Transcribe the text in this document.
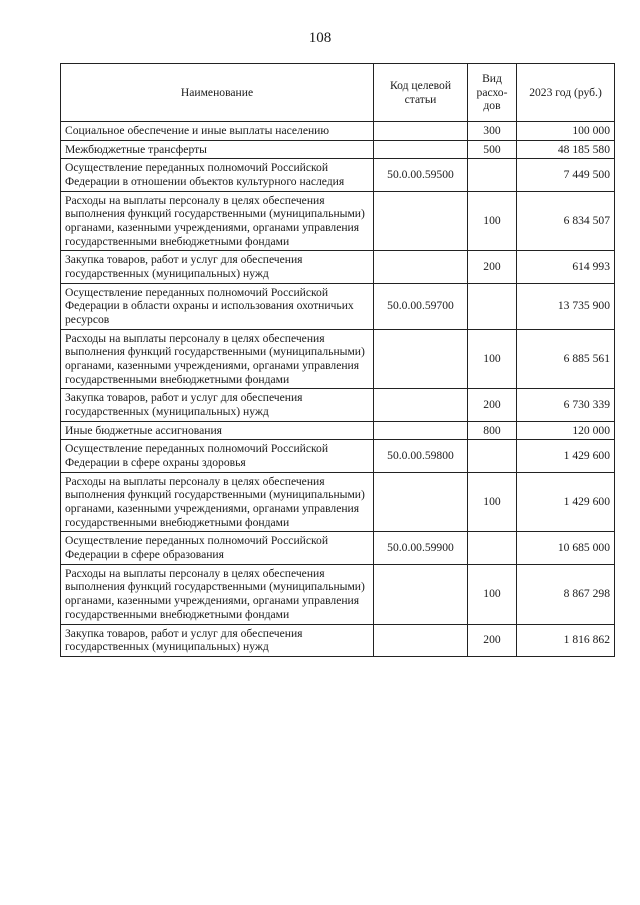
108
Наименование	Код целевой статьи	Вид расхо-дов	2023 год (руб.)
Социальное обеспечение и иные выплаты населению		300	100 000
Межбюджетные трансферты		500	48 185 580
Осуществление переданных полномочий Российской Федерации в отношении объектов культурного наследия	50.0.00.59500		7 449 500
Расходы на выплаты персоналу в целях обеспечения выполнения функций государственными (муниципальными) органами, казенными учреждениями, органами управления государственными внебюджетными фондами		100	6 834 507
Закупка товаров, работ и услуг для обеспечения государственных (муниципальных) нужд		200	614 993
Осуществление переданных полномочий Российской Федерации в области охраны и использования охотничьих ресурсов	50.0.00.59700		13 735 900
Расходы на выплаты персоналу в целях обеспечения выполнения функций государственными (муниципальными) органами, казенными учреждениями, органами управления государственными внебюджетными фондами		100	6 885 561
Закупка товаров, работ и услуг для обеспечения государственных (муниципальных) нужд		200	6 730 339
Иные бюджетные ассигнования		800	120 000
Осуществление переданных полномочий Российской Федерации в сфере охраны здоровья	50.0.00.59800		1 429 600
Расходы на выплаты персоналу в целях обеспечения выполнения функций государственными (муниципальными) органами, казенными учреждениями, органами управления государственными внебюджетными фондами		100	1 429 600
Осуществление переданных полномочий Российской Федерации в сфере образования	50.0.00.59900		10 685 000
Расходы на выплаты персоналу в целях обеспечения выполнения функций государственными (муниципальными) органами, казенными учреждениями, органами управления государственными внебюджетными фондами		100	8 867 298
Закупка товаров, работ и услуг для обеспечения государственных (муниципальных) нужд		200	1 816 862
